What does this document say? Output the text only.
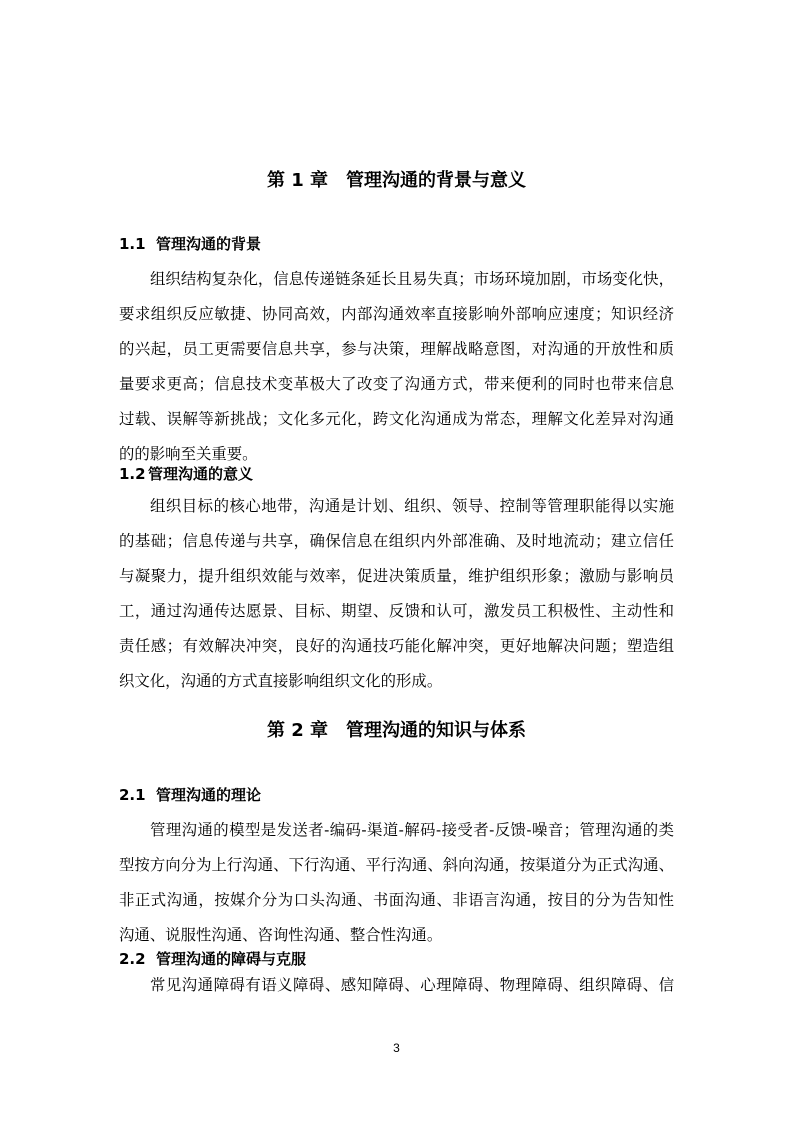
第 1 章 管理沟通的背景与意义
1.1 管理沟通的背景
组织结构复杂化，信息传递链条延长且易失真；市场环境加剧，市场变化快，
要求组织反应敏捷、协同高效，内部沟通效率直接影响外部响应速度；知识经济
的兴起，员工更需要信息共享，参与决策，理解战略意图，对沟通的开放性和质
量要求更高；信息技术变革极大了改变了沟通方式，带来便利的同时也带来信息
过载、误解等新挑战；文化多元化，跨文化沟通成为常态，理解文化差异对沟通
的的影响至关重要。
1.2 管理沟通的意义
组织目标的核心地带，沟通是计划、组织、领导、控制等管理职能得以实施
的基础；信息传递与共享，确保信息在组织内外部准确、及时地流动；建立信任
与凝聚力，提升组织效能与效率，促进决策质量，维护组织形象；激励与影响员
工，通过沟通传达愿景、目标、期望、反馈和认可，激发员工积极性、主动性和
责任感；有效解决冲突，良好的沟通技巧能化解冲突，更好地解决问题；塑造组
织文化，沟通的方式直接影响组织文化的形成。
第 2 章 管理沟通的知识与体系
2.1 管理沟通的理论
管理沟通的模型是发送者-编码-渠道-解码-接受者-反馈-噪音；管理沟通的类
型按方向分为上行沟通、下行沟通、平行沟通、斜向沟通，按渠道分为正式沟通、
非正式沟通，按媒介分为口头沟通、书面沟通、非语言沟通，按目的分为告知性
沟通、说服性沟通、咨询性沟通、整合性沟通。
2.2 管理沟通的障碍与克服
常见沟通障碍有语义障碍、感知障碍、心理障碍、物理障碍、组织障碍、信
3
